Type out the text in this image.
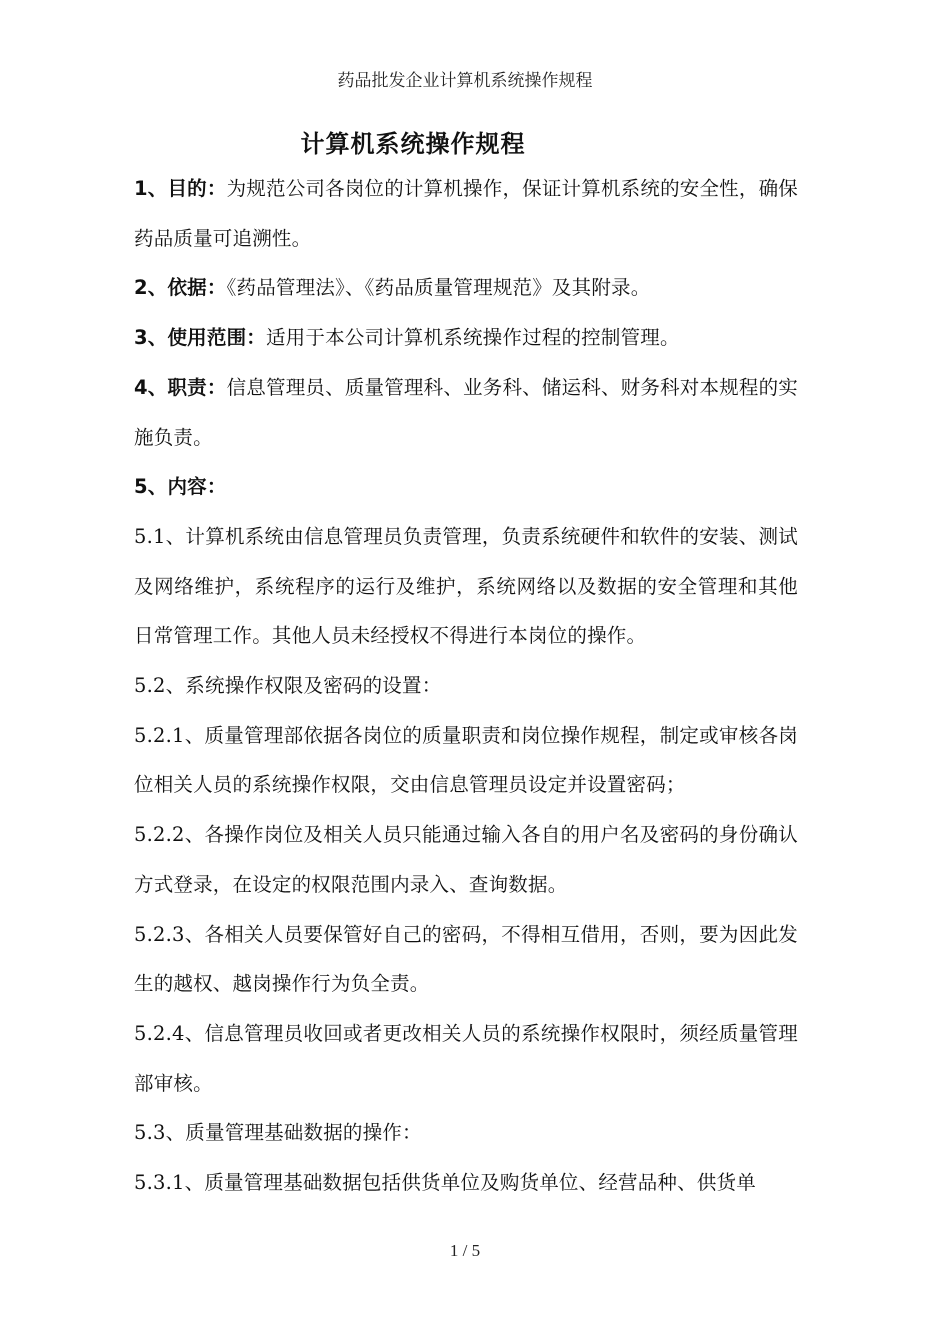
药品批发企业计算机系统操作规程
计算机系统操作规程

1、目的：为规范公司各岗位的计算机操作，保证计算机系统的安全性，确保药品质量可追溯性。

2、依据：《药品管理法》、《药品质量管理规范》及其附录。

3、使用范围：适用于本公司计算机系统操作过程的控制管理。

4、职责：信息管理员、质量管理科、业务科、储运科、财务科对本规程的实施负责。

5、内容：

5.1、计算机系统由信息管理员负责管理，负责系统硬件和软件的安装、测试及网络维护，系统程序的运行及维护，系统网络以及数据的安全管理和其他日常管理工作。其他人员未经授权不得进行本岗位的操作。

5.2、系统操作权限及密码的设置：

5.2.1、质量管理部依据各岗位的质量职责和岗位操作规程，制定或审核各岗位相关人员的系统操作权限，交由信息管理员设定并设置密码；

5.2.2、各操作岗位及相关人员只能通过输入各自的用户名及密码的身份确认方式登录，在设定的权限范围内录入、查询数据。

5.2.3、各相关人员要保管好自己的密码，不得相互借用，否则，要为因此发生的越权、越岗操作行为负全责。

5.2.4、信息管理员收回或者更改相关人员的系统操作权限时，须经质量管理部审核。

5.3、质量管理基础数据的操作：

5.3.1、质量管理基础数据包括供货单位及购货单位、经营品种、供货单

1 / 5
